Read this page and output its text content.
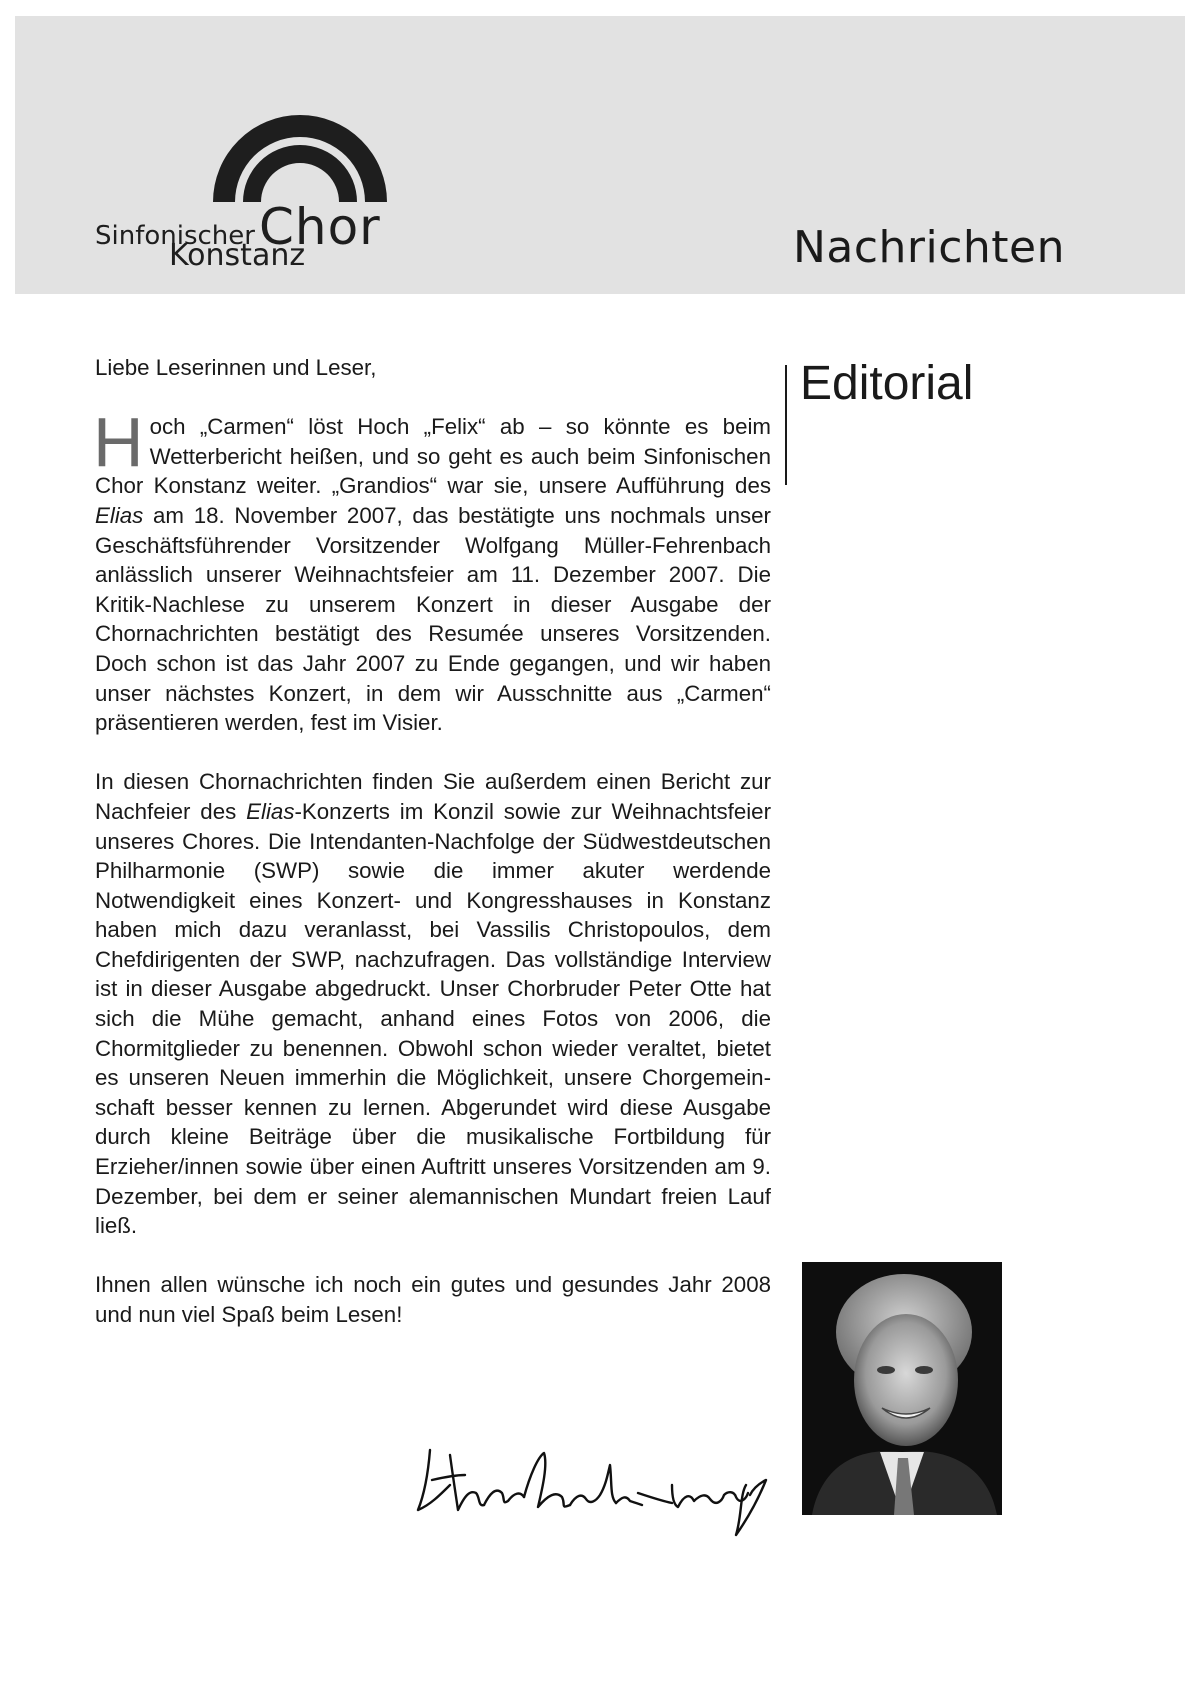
SinfonischerChor
Konstanz	Nachrichten
Editorial

Liebe Leserinnen und Leser,

Hoch „Carmen“ löst Hoch „Felix“ ab – so könnte es beim Wetterbericht heißen, und so geht es auch beim Sinfonischen Chor Konstanz weiter. „Grandios“ war sie, unsere Aufführung des Elias am 18. November 2007, das bestätigte uns nochmals unser Geschäftsführender Vorsitzender Wolfgang Müller-Fehrenbach anlässlich unserer Weihnachtsfeier am 11. Dezember 2007. Die Kritik-Nachlese zu unserem Konzert in dieser Ausgabe der Chornachrichten bestätigt des Resumée unseres Vorsitzenden. Doch schon ist das Jahr 2007 zu Ende gegangen, und wir haben unser nächstes Konzert, in dem wir Ausschnitte aus „Carmen“ präsentieren werden, fest im Visier.

In diesen Chornachrichten finden Sie außerdem einen Bericht zur Nachfeier des Elias-Konzerts im Konzil sowie zur Weihnachtsfeier unseres Chores. Die Intendanten-Nachfolge der Südwestdeutschen Philharmonie (SWP) sowie die immer akuter werdende Notwendigkeit eines Konzert- und Kongresshauses in Konstanz haben mich dazu veranlasst, bei Vassilis Christopoulos, dem Chefdirigenten der SWP, nachzufragen. Das vollständige Interview ist in dieser Ausgabe abgedruckt. Unser Chorbruder Peter Otte hat sich die Mühe gemacht, anhand eines Fotos von 2006, die Chormitglieder zu benennen. Obwohl schon wieder veraltet, bietet es unseren Neuen immerhin die Möglichkeit, unsere Chorgemeinschaft besser kennen zu lernen. Abgerundet wird diese Ausgabe durch kleine Beiträge über die musikalische Fortbildung für Erzieher/innen sowie über einen Auftritt unseres Vorsitzenden am 9. Dezember, bei dem er seiner alemannischen Mundart freien Lauf ließ.

Ihnen allen wünsche ich noch ein gutes und gesundes Jahr 2008 und nun viel Spaß beim Lesen!
